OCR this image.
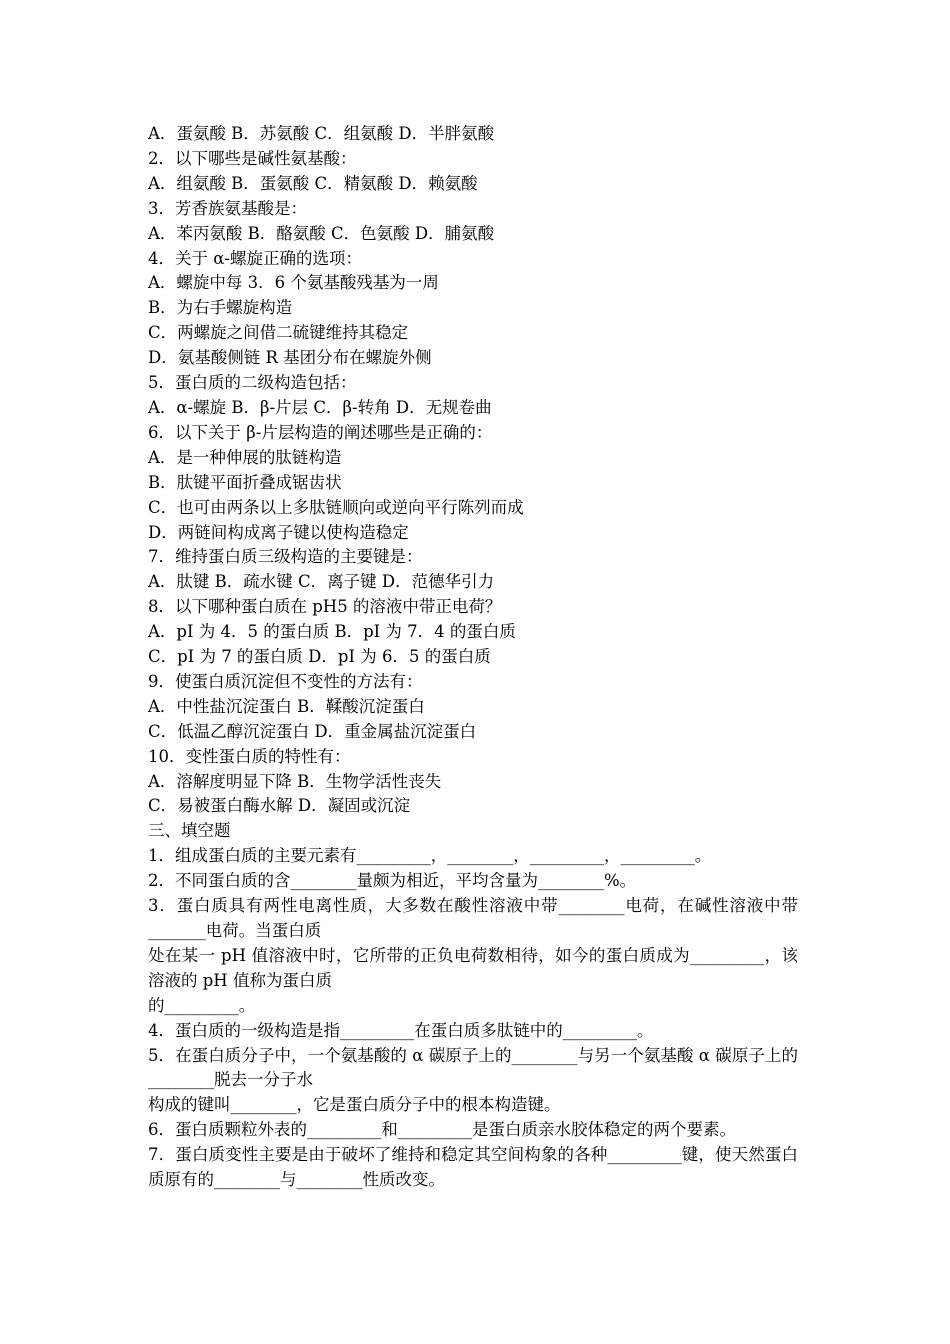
A．蛋氨酸 B．苏氨酸 C．组氨酸 D．半胖氨酸
2．以下哪些是碱性氨基酸：
A．组氨酸 B．蛋氨酸 C．精氨酸 D．赖氨酸
3．芳香族氨基酸是：
A．苯丙氨酸 B．酪氨酸 C．色氨酸 D．脯氨酸
4．关于 α-螺旋正确的选项：
A．螺旋中每 3．6 个氨基酸残基为一周
B．为右手螺旋构造
C．两螺旋之间借二硫键维持其稳定
D．氨基酸侧链 R 基团分布在螺旋外侧
5．蛋白质的二级构造包括：
A．α-螺旋 B．β-片层 C．β-转角 D．无规卷曲
6．以下关于 β-片层构造的阐述哪些是正确的：
A．是一种伸展的肽链构造
B．肽键平面折叠成锯齿状
C．也可由两条以上多肽链顺向或逆向平行陈列而成
D．两链间构成离子键以使构造稳定
7．维持蛋白质三级构造的主要键是：
A．肽键 B．疏水键 C．离子键 D．范德华引力
8．以下哪种蛋白质在 pH5 的溶液中带正电荷？
A．pI 为 4．5 的蛋白质 B．pI 为 7．4 的蛋白质
C．pI 为 7 的蛋白质 D．pI 为 6．5 的蛋白质
9．使蛋白质沉淀但不变性的方法有：
A．中性盐沉淀蛋白 B．鞣酸沉淀蛋白
C．低温乙醇沉淀蛋白 D．重金属盐沉淀蛋白
10．变性蛋白质的特性有：
A．溶解度明显下降 B．生物学活性丧失
C．易被蛋白酶水解 D．凝固或沉淀
三、填空题
1．组成蛋白质的主要元素有_________，________，_________，_________。
2．不同蛋白质的含________量颇为相近，平均含量为________%。
3．蛋白质具有两性电离性质，大多数在酸性溶液中带________电荷，在碱性溶液中带_______电荷。当蛋白质
处在某一 pH 值溶液中时，它所带的正负电荷数相待，如今的蛋白质成为_________，该溶液的 pH 值称为蛋白质
的_________。
4．蛋白质的一级构造是指_________在蛋白质多肽链中的_________。
5．在蛋白质分子中，一个氨基酸的 α 碳原子上的________与另一个氨基酸 α 碳原子上的________脱去一分子水
构成的键叫________，它是蛋白质分子中的根本构造键。
6．蛋白质颗粒外表的_________和_________是蛋白质亲水胶体稳定的两个要素。
7．蛋白质变性主要是由于破坏了维持和稳定其空间构象的各种_________键，使天然蛋白质原有的________与________性质改变。
